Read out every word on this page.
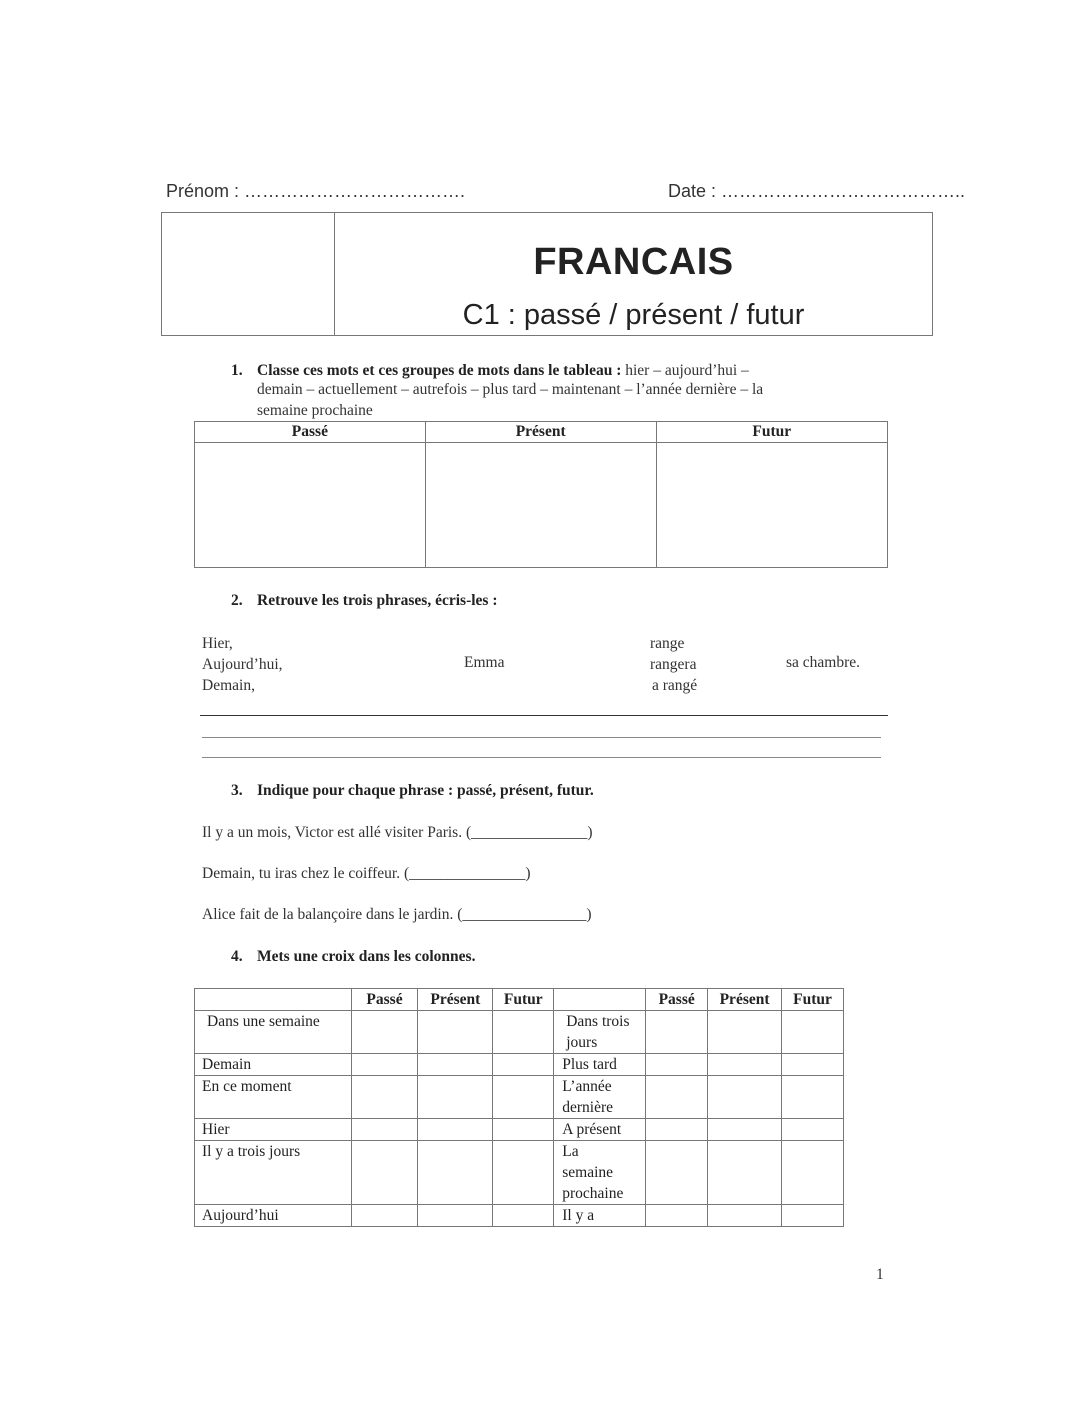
Prénom : ……………………………….	Date : …………………………………..
FRANCAIS
C1 : passé / présent / futur
1. Classe ces mots et ces groupes de mots dans le tableau : hier – aujourd’hui –
demain – actuellement – autrefois – plus tard – maintenant – l’année dernière – la
semaine prochaine
Passé	Présent	Futur

2. Retrouve les trois phrases, écris-les :
Hier,
Aujourd’hui,
Demain,
Emma
range
rangera
a rangé
sa chambre.
3. Indique pour chaque phrase : passé, présent, futur.
Il y a un mois, Victor est allé visiter Paris. (_______________)
Demain, tu iras chez le coiffeur. (_______________)
Alice fait de la balançoire dans le jardin. (________________)
4. Mets une croix dans les colonnes.
	Passé	Présent	Futur		Passé	Présent	Futur
Dans une semaine				Dans trois jours			
Demain				Plus tard			
En ce moment				L’année dernière			
Hier				A présent			
Il y a trois jours				La semaine prochaine			
Aujourd’hui				Il y a			
1
